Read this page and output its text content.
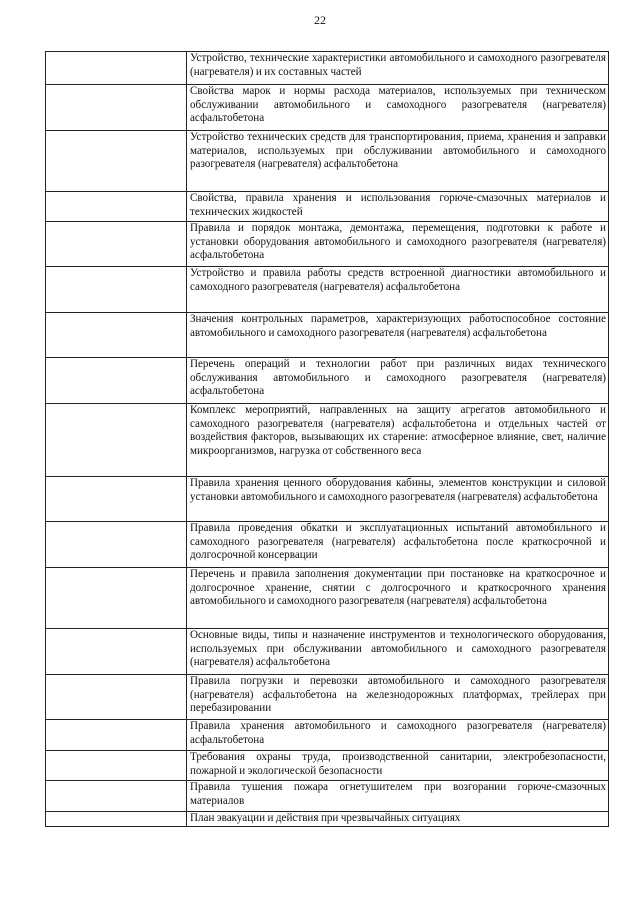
22
	Устройство, технические характеристики автомобильного и самоходного разогревателя (нагревателя) и их составных частей
	Свойства марок и нормы расхода материалов, используемых при техническом обслуживании автомобильного и самоходного разогревателя (нагревателя) асфальтобетона
	Устройство технических средств для транспортирования, приема, хранения и заправки материалов, используемых при обслуживании автомобильного и самоходного разогревателя (нагревателя) асфальтобетона
	Свойства, правила хранения и использования горюче-смазочных материалов и технических жидкостей
	Правила и порядок монтажа, демонтажа, перемещения, подготовки к работе и установки оборудования автомобильного и самоходного разогревателя (нагревателя) асфальтобетона
	Устройство и правила работы средств встроенной диагностики автомобильного и самоходного разогревателя (нагревателя) асфальтобетона
	Значения контрольных параметров, характеризующих работоспособное состояние автомобильного и самоходного разогревателя (нагревателя) асфальтобетона
	Перечень операций и технологии работ при различных видах технического обслуживания автомобильного и самоходного разогревателя (нагревателя) асфальтобетона
	Комплекс мероприятий, направленных на защиту агрегатов автомобильного и самоходного разогревателя (нагревателя) асфальтобетона и отдельных частей от воздействия факторов, вызывающих их старение: атмосферное влияние, свет, наличие микроорганизмов, нагрузка от собственного веса
	Правила хранения ценного оборудования кабины, элементов конструкции и силовой установки автомобильного и самоходного разогревателя (нагревателя) асфальтобетона
	Правила проведения обкатки и эксплуатационных испытаний автомобильного и самоходного разогревателя (нагревателя) асфальтобетона после краткосрочной и долгосрочной консервации
	Перечень и правила заполнения документации при постановке на краткосрочное и долгосрочное хранение, снятии с долгосрочного и краткосрочного хранения автомобильного и самоходного разогревателя (нагревателя) асфальтобетона
	Основные виды, типы и назначение инструментов и технологического оборудования, используемых при обслуживании автомобильного и самоходного разогревателя (нагревателя) асфальтобетона
	Правила погрузки и перевозки автомобильного и самоходного разогревателя (нагревателя) асфальтобетона на железнодорожных платформах, трейлерах при перебазировании
	Правила хранения автомобильного и самоходного разогревателя (нагревателя) асфальтобетона
	Требования охраны труда, производственной санитарии, электробезопасности, пожарной и экологической безопасности
	Правила тушения пожара огнетушителем при возгорании горюче-смазочных материалов
	План эвакуации и действия при чрезвычайных ситуациях
